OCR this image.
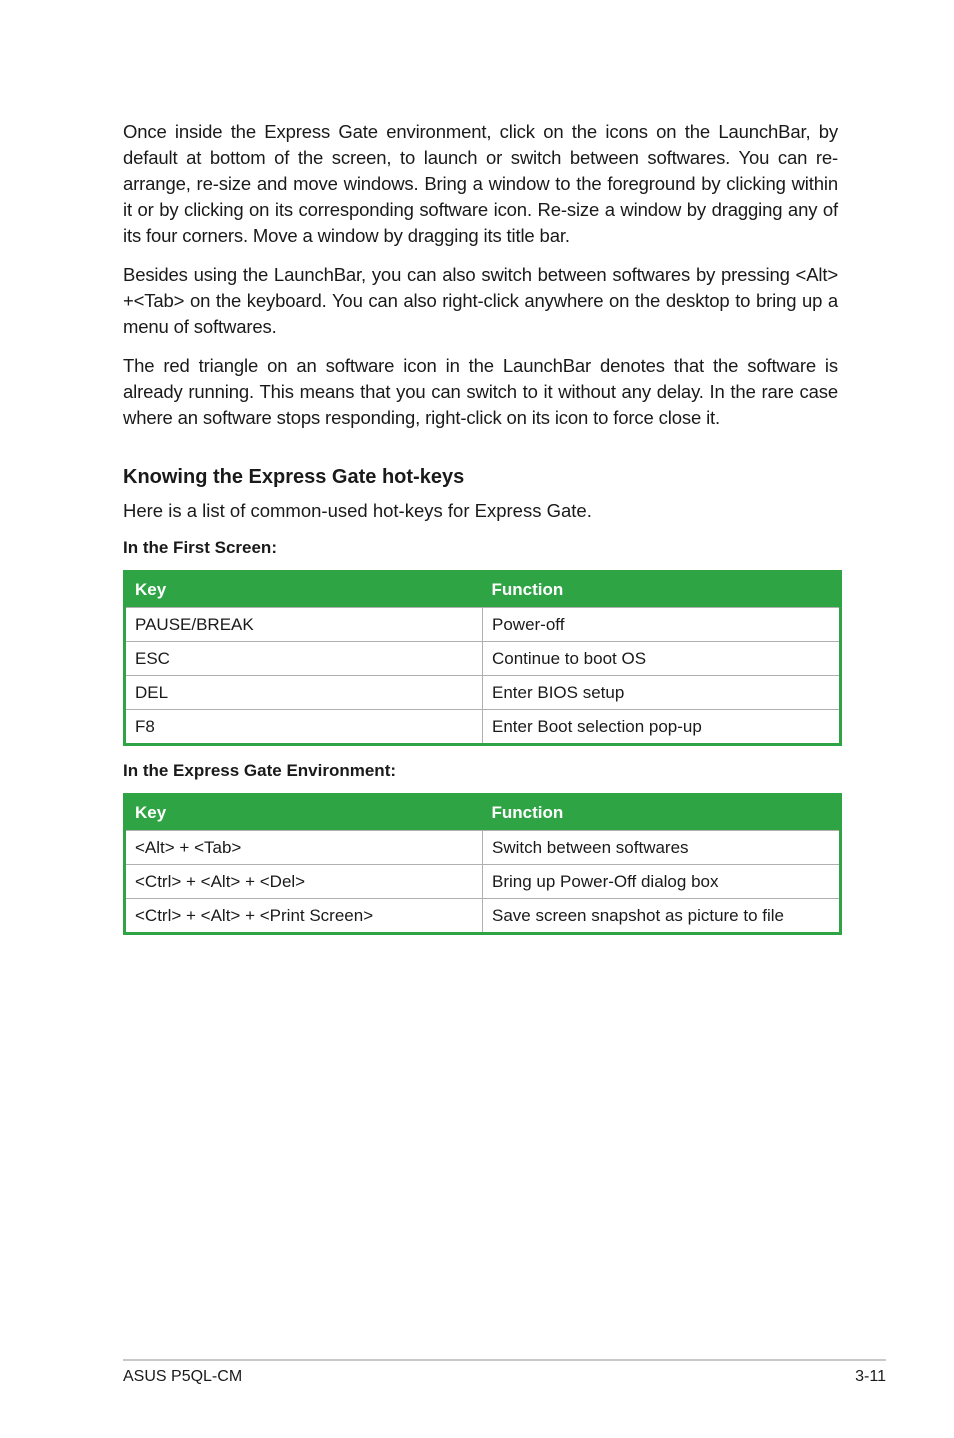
Once inside the Express Gate environment, click on the icons on the LaunchBar, by default at bottom of the screen, to launch or switch between softwares. You can re-arrange, re-size and move windows. Bring a window to the foreground by clicking within it or by clicking on its corresponding software icon. Re-size a window by dragging any of its four corners. Move a window by dragging its title bar.

Besides using the LaunchBar, you can also switch between softwares by pressing <Alt> +<Tab> on the keyboard. You can also right-click anywhere on the desktop to bring up a menu of softwares.

The red triangle on an software icon in the LaunchBar denotes that the software is already running. This means that you can switch to it without any delay. In the rare case where an software stops responding, right-click on its icon to force close it.

Knowing the Express Gate hot-keys

Here is a list of common-used hot-keys for Express Gate.

In the First Screen:
Key	Function
PAUSE/BREAK	Power-off
ESC	Continue to boot OS
DEL	Enter BIOS setup
F8	Enter Boot selection pop-up
In the Express Gate Environment:
Key	Function
<Alt> + <Tab>	Switch between softwares
<Ctrl> + <Alt> + <Del>	Bring up Power-Off dialog box
<Ctrl> + <Alt> + <Print Screen>	Save screen snapshot as picture to file
ASUS P5QL-CM	3-11
